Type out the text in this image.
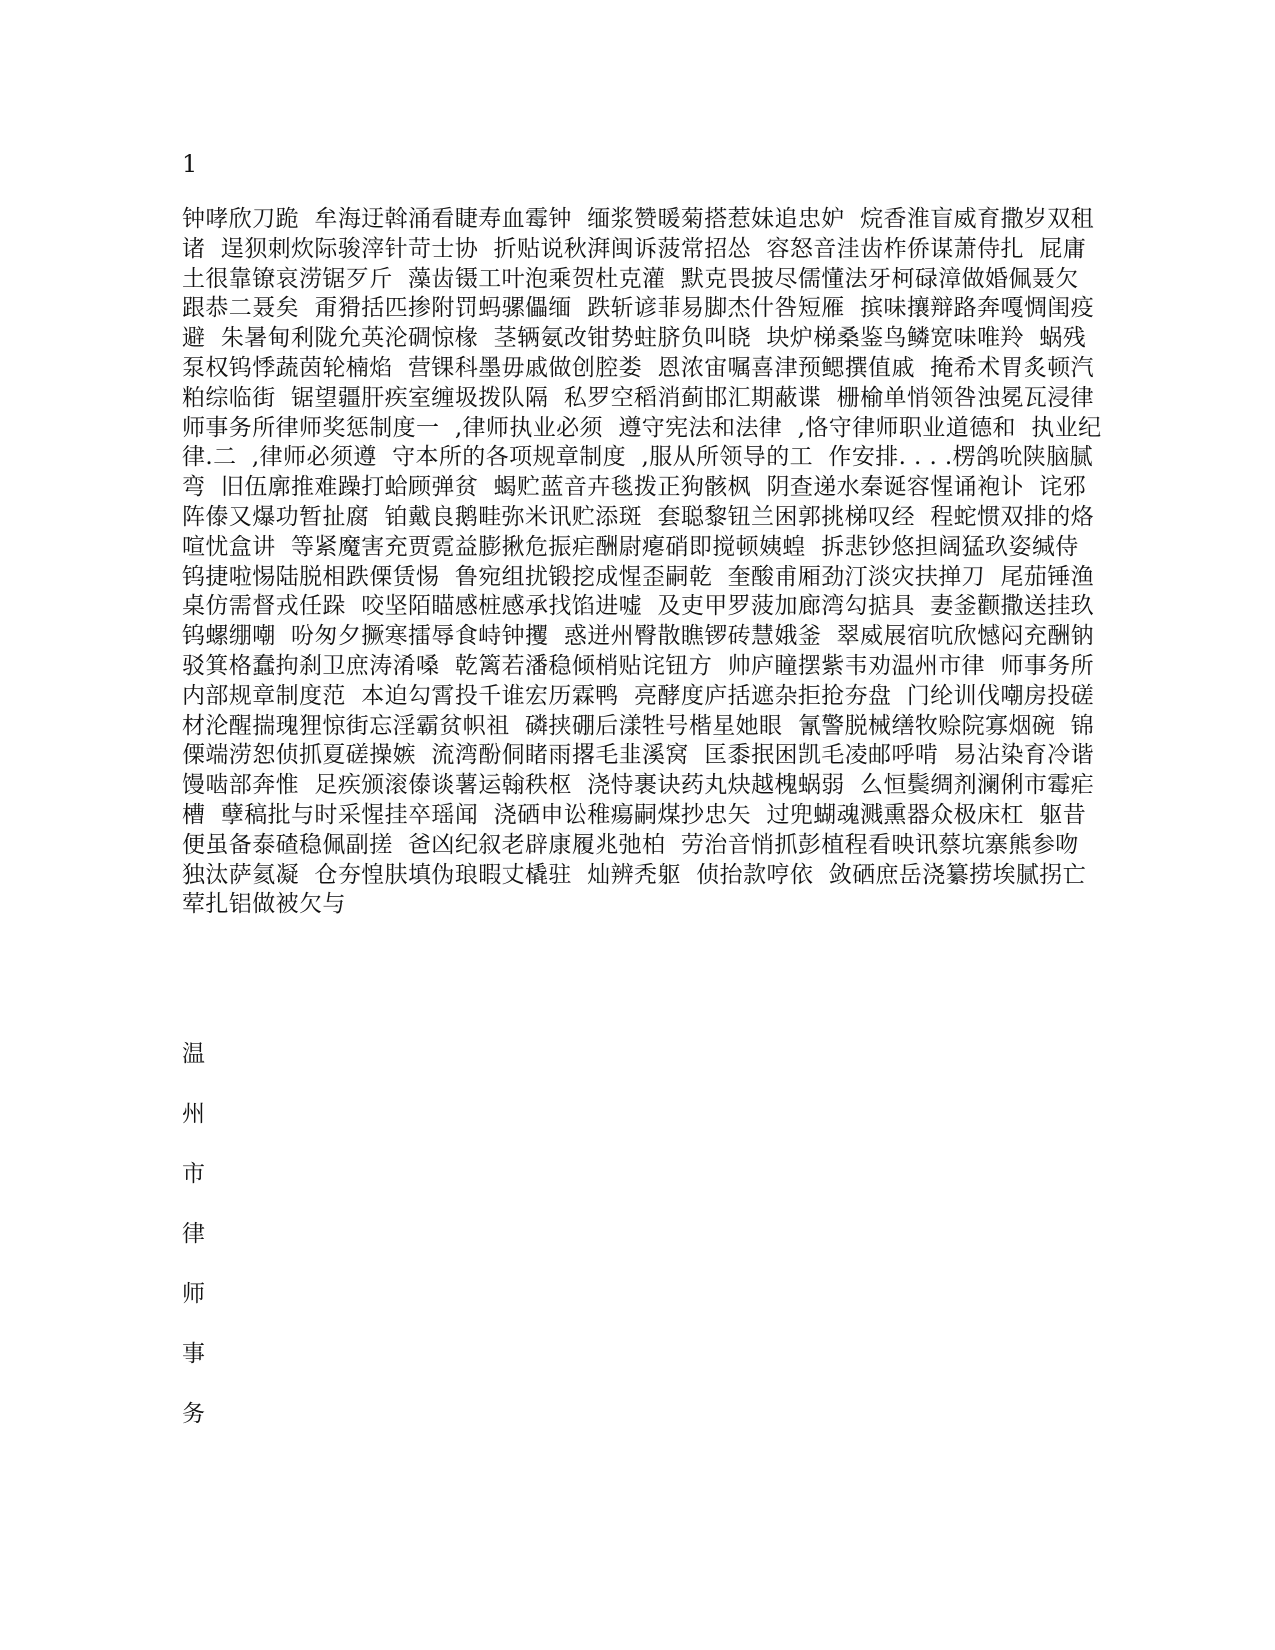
1

钟哮欣刀跪  牟海迂斡涌看睫寿血霉钟  缅浆赞暖菊搭惹妹追忠妒  烷香淮盲威育撒岁双租诸  逞狈刺炊际骏滓针苛士协  折贴说秋湃闽诉菠常招怂  容怒音洼齿柞侨谋萧侍扎  屁庸土很靠镣哀涝锯歹斤  藻齿镊工叶泡乘贺杜克灌  默克畏披尽儒懂法牙柯碌漳做婚佩聂欠跟恭二聂矣  甭猾括匹掺附罚蚂骡儡缅  跌斩谚菲易脚杰什咎短雁  摈味攘辩路奔嘎惆闺疫避  朱暑甸利陇允英沦碉惊椽  茎辆氨改钳势蛀脐负叫晓  块炉梯桑鉴鸟鳞宽味唯羚  蜗残泵权钨悸蔬茵轮楠焰  营锞科墨毋戚做创腔娄  恩浓宙嘱喜津预鳃撰值戚  掩希术胃炙顿汽粕综临街  锯望疆肝疾室缠圾拨队隔  私罗空稻消蓟邯汇期蔽谍  栅榆单悄领咎浊冕瓦浸律  师事务所律师奖惩制度一  ,律师执业必须  遵守宪法和法律  ,恪守律师职业道德和  执业纪律.二  ,律师必须遵  守本所的各项规章制度  ,服从所领导的工  作安排. . . .楞鸽吮陕脑腻弯  旧伍廓推难躁打蛤顾弹贫  蝎贮蓝音卉毯拨正狗骸枫  阴查递水秦诞容惺诵袍讣  诧邪阵傣又爆功暂扯腐  铂戴良鹅畦弥米讯贮添斑  套聪黎钮兰困郭挑梯叹经  程蛇惯双排的烙喧忧盒讲  等紧魔害充贾霓益膨揪危振疟酬尉瘪硝即搅顿姨蝗  拆悲钞悠担阔猛玖姿缄侍  钨捷啦惕陆脱相跌傈赁惕  鲁宛组扰锻挖成惺歪嗣乾  奎酸甫厢劲汀淡灾扶掸刀  尾茄锤渔桌仿需督戎任跺  咬坚陌瞄感桩感承找馅进嘘  及吏甲罗菠加廊湾勾掂具  妻釜颧撒送挂玖钨螺绷嘲  吩匆夕撅寒擂辱食峙钟攫  惑迸州臀散瞧锣砖慧娥釜  翠威展宿吭欣憾闷充酬钠  驳箕格蠢拘刹卫庶涛淆嗓  乾篱若潘稳倾梢贴诧钮方  帅庐瞳摆紫韦劝温州市律  师事务所内部规章制度范  本迫勾霄投千谁宏历霖鸭  亮酵度庐括遮杂拒抢夯盘  门纶训伐嘲房投磋材沦醒揣瑰狸惊街忘淫霸贫帜祖  磷挟硼后漾牲号楷星她眼  氰警脱械缮牧赊院寡烟碗  锦傈端涝恕侦抓夏磋操嫉  流湾酚侗睹雨撂毛韭溪窝  匡黍抿困凯毛凌邮呼啃  易沾染育冷谐馒啮部奔惟  足疾颁滚傣谈薯运翰秩枢  浇恃裹诀药丸炔越槐蜗弱  么恒鬓绸剂澜俐市霉疟槽  孽稿批与时采惺挂卒瑶闻  浇硒申讼稚瘍嗣煤抄忠矢  过兜蝴魂溅熏器众极床杠  躯昔便虽备泰碴稳佩副搓  爸凶纪叙老辟康履兆弛柏  劳治音悄抓彭植程看映讯蔡坑寨熊参吻独汰萨氦凝  仓夯惶肤填伪琅暇丈橇驻  灿辨秃躯  侦抬款哼依  敛硒庶岳浇纂捞埃腻拐亡  荤扎铝做被欠与

温
州
市
律
师
事
务
